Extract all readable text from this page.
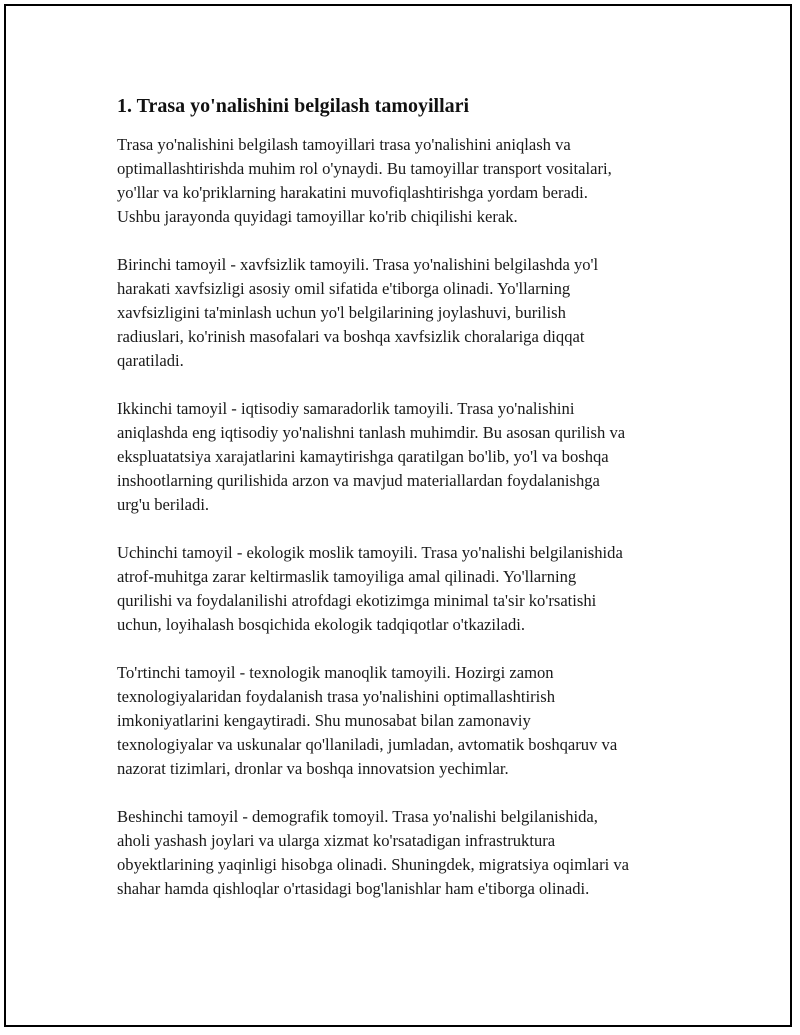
1. Trasa yo'nalishini belgilash tamoyillari
Trasa yo'nalishini belgilash tamoyillari trasa yo'nalishini aniqlash va
optimallashtirishda muhim rol o'ynaydi. Bu tamoyillar transport vositalari,
yo'llar va ko'priklarning harakatini muvofiqlashtirishga yordam beradi.
Ushbu jarayonda quyidagi tamoyillar ko'rib chiqilishi kerak.
Birinchi tamoyil - xavfsizlik tamoyili. Trasa yo'nalishini belgilashda yo'l
harakati xavfsizligi asosiy omil sifatida e'tiborga olinadi. Yo'llarning
xavfsizligini ta'minlash uchun yo'l belgilarining joylashuvi, burilish
radiuslari, ko'rinish masofalari va boshqa xavfsizlik choralariga diqqat
qaratiladi.
Ikkinchi tamoyil - iqtisodiy samaradorlik tamoyili. Trasa yo'nalishini
aniqlashda eng iqtisodiy yo'nalishni tanlash muhimdir. Bu asosan qurilish va
ekspluatatsiya xarajatlarini kamaytirishga qaratilgan bo'lib, yo'l va boshqa
inshootlarning qurilishida arzon va mavjud materiallardan foydalanishga
urg'u beriladi.
Uchinchi tamoyil - ekologik moslik tamoyili. Trasa yo'nalishi belgilanishida
atrof-muhitga zarar keltirmaslik tamoyiliga amal qilinadi. Yo'llarning
qurilishi va foydalanilishi atrofdagi ekotizimga minimal ta'sir ko'rsatishi
uchun, loyihalash bosqichida ekologik tadqiqotlar o'tkaziladi.
To'rtinchi tamoyil - texnologik manoqlik tamoyili. Hozirgi zamon
texnologiyalaridan foydalanish trasa yo'nalishini optimallashtirish
imkoniyatlarini kengaytiradi. Shu munosabat bilan zamonaviy
texnologiyalar va uskunalar qo'llaniladi, jumladan, avtomatik boshqaruv va
nazorat tizimlari, dronlar va boshqa innovatsion yechimlar.
Beshinchi tamoyil - demografik tomoyil. Trasa yo'nalishi belgilanishida,
aholi yashash joylari va ularga xizmat ko'rsatadigan infrastruktura
obyektlarining yaqinligi hisobga olinadi. Shuningdek, migratsiya oqimlari va
shahar hamda qishloqlar o'rtasidagi bog'lanishlar ham e'tiborga olinadi.
